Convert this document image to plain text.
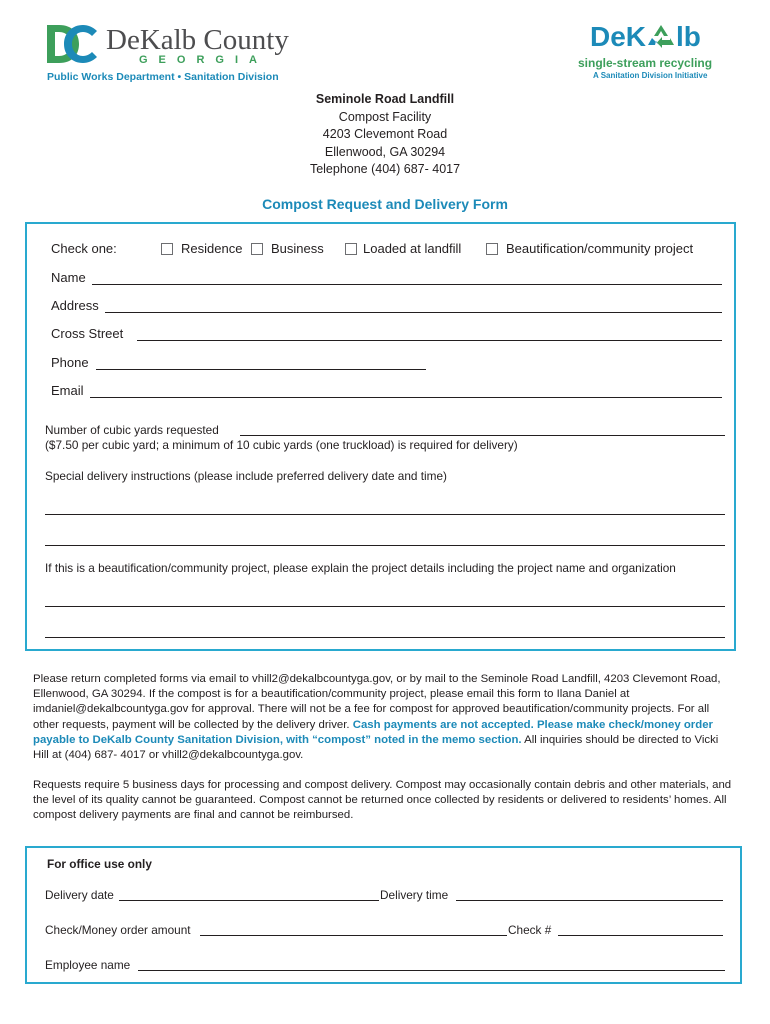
DeKalb County
GEORGIA
Public Works Department • Sanitation Division
DeK lb
single-stream recycling
A Sanitation Division Initiative
Seminole Road Landfill
Compost Facility
4203 Clevemont Road
Ellenwood, GA 30294
Telephone (404) 687- 4017
Compost Request and Delivery Form
Check one:	Residence Business	Loaded at landfill	Beautification/community project
Name
Address
Cross Street
Phone
Email
Number of cubic yards requested
($7.50 per cubic yard; a minimum of 10 cubic yards (one truckload) is required for delivery)
Special delivery instructions (please include preferred delivery date and time)
If this is a beautification/community project, please explain the project details including the project name and organization
Please return completed forms via email to vhill2@dekalbcountyga.gov, or by mail to the Seminole Road Landfill, 4203 Clevemont Road, Ellenwood, GA 30294. If the compost is for a beautification/community project, please email this form to Ilana Daniel at imdaniel@dekalbcountyga.gov for approval. There will not be a fee for compost for approved beautification/community projects. For all other requests, payment will be collected by the delivery driver. Cash payments are not accepted. Please make check/money order payable to DeKalb County Sanitation Division, with “compost” noted in the memo section. All inquiries should be directed to Vicki Hill at (404) 687- 4017 or vhill2@dekalbcountyga.gov.
Requests require 5 business days for processing and compost delivery. Compost may occasionally contain debris and other materials, and the level of its quality cannot be guaranteed. Compost cannot be returned once collected by residents or delivered to residents’ homes. All compost delivery payments are final and cannot be reimbursed.
For office use only
Delivery date	Delivery time
Check/Money order amount	Check #
Employee name
